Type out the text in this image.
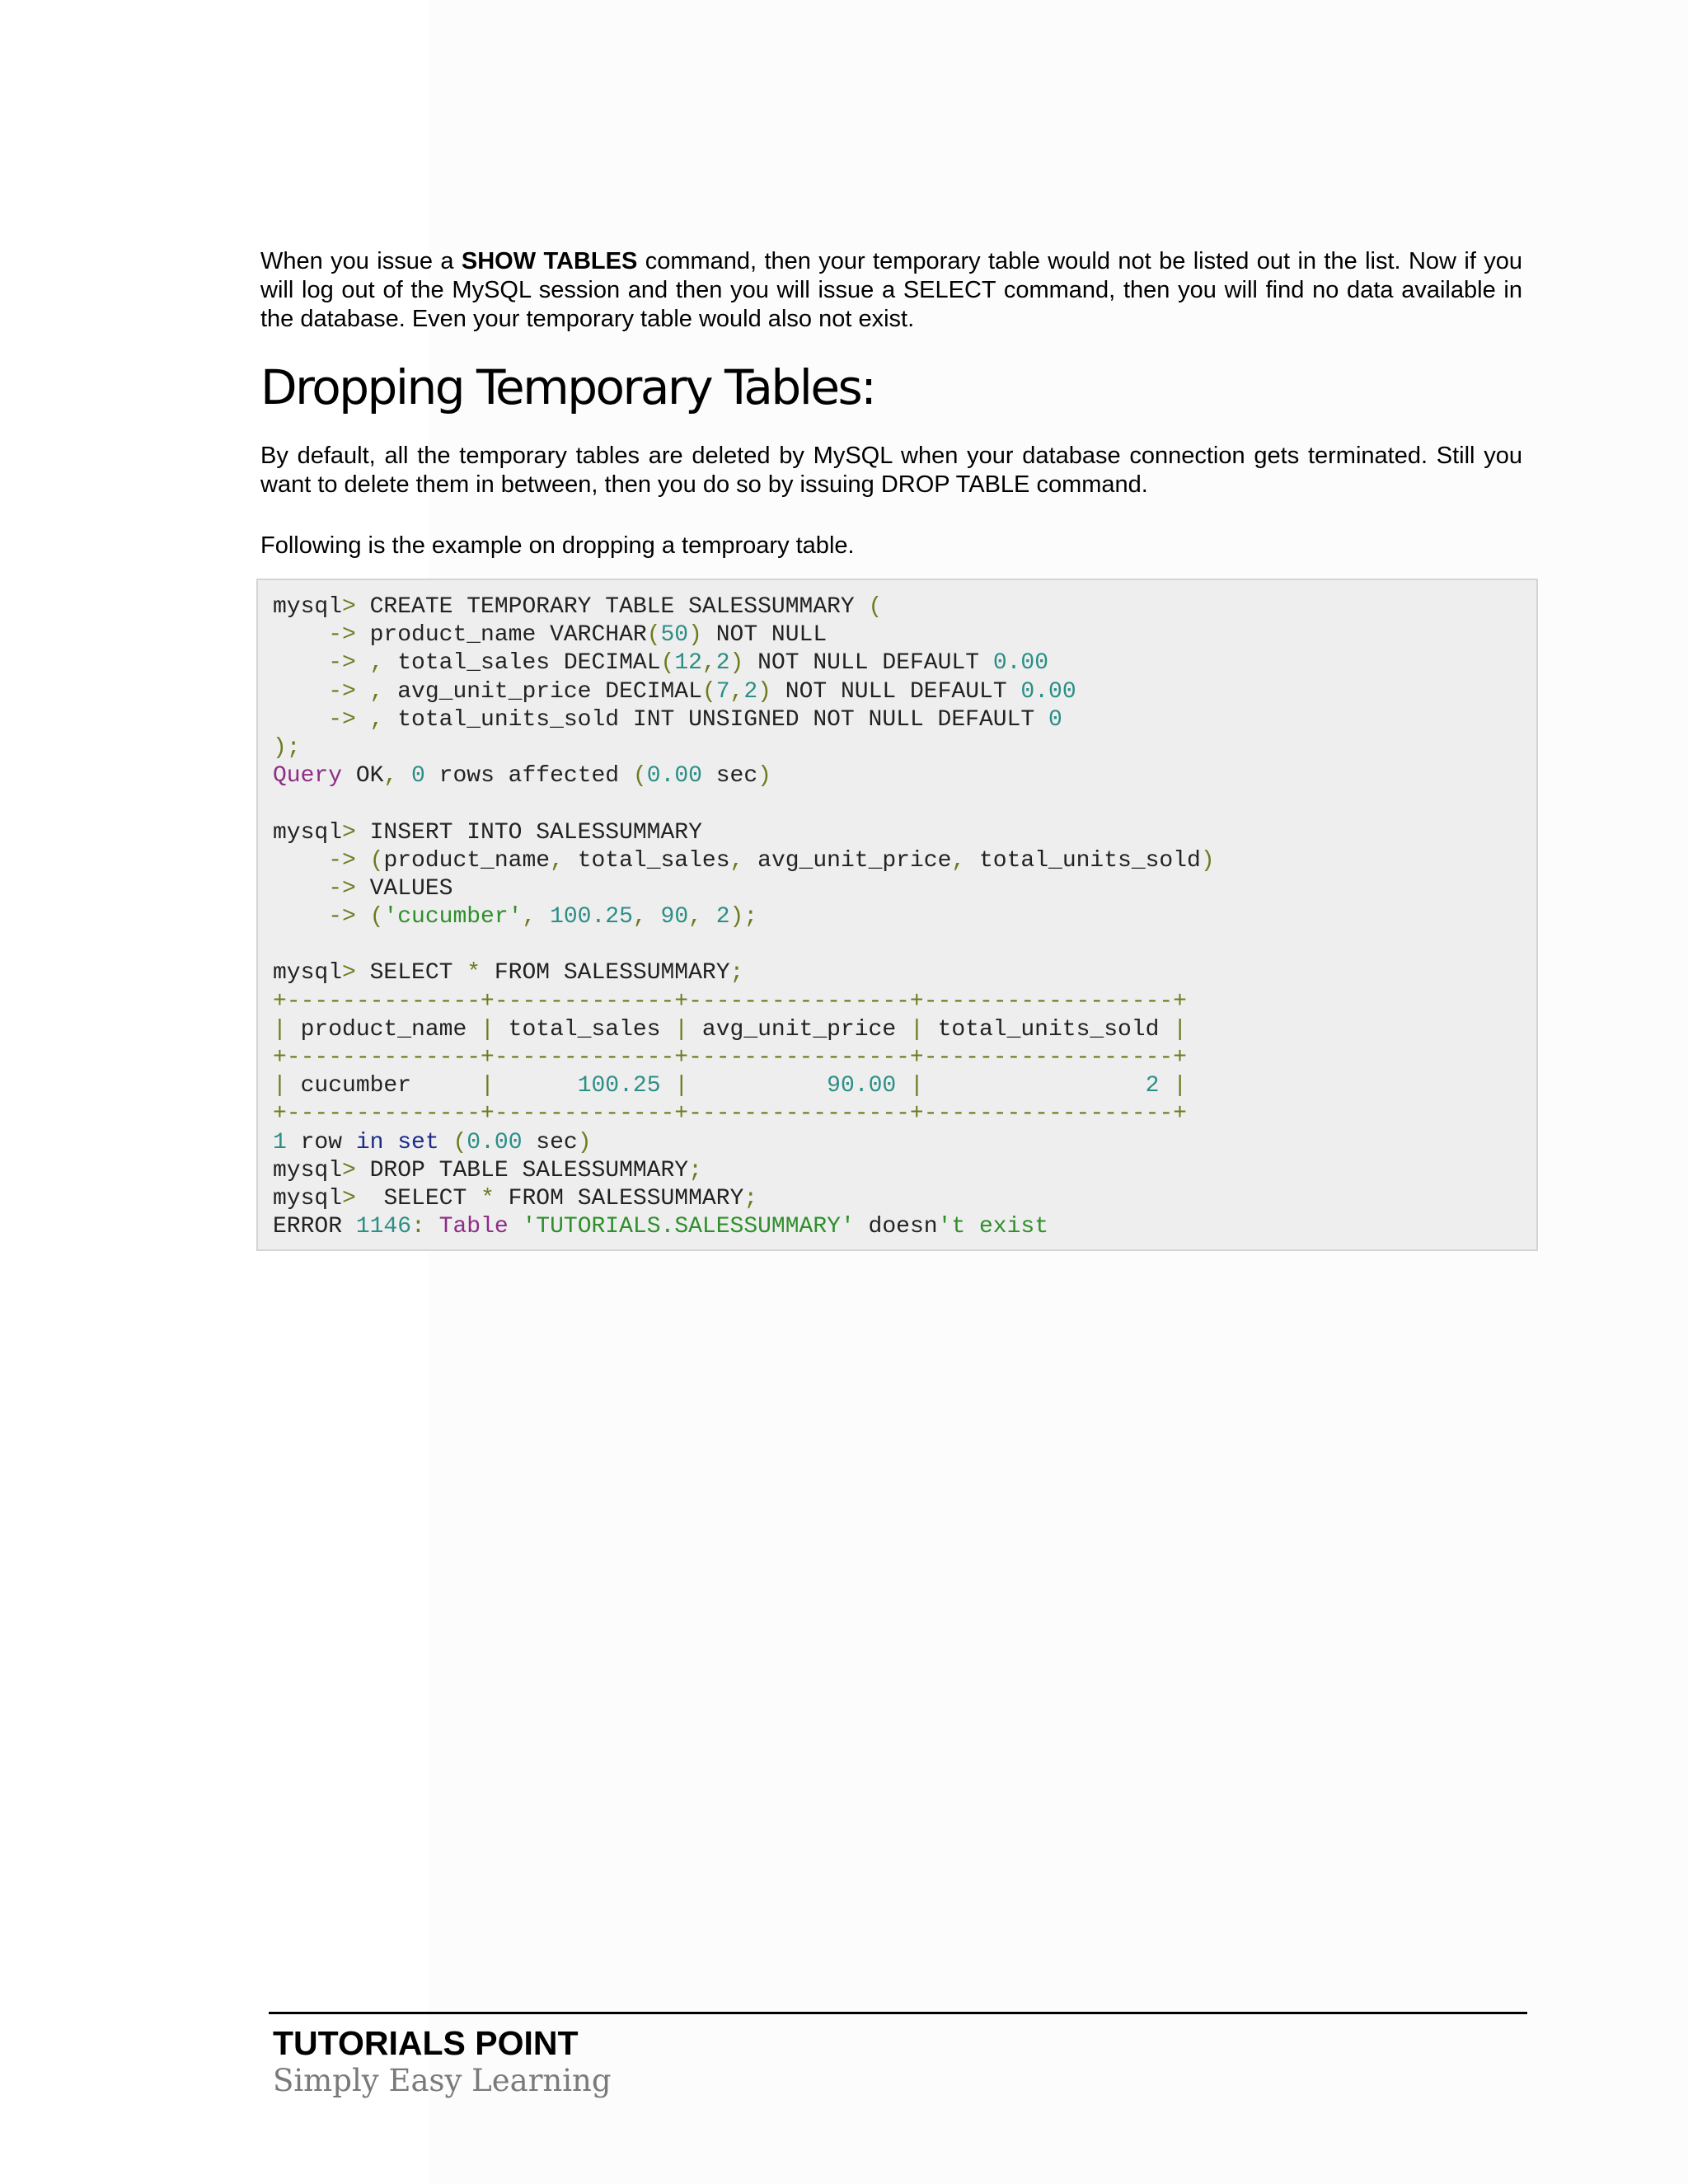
When you issue a SHOW TABLES command, then your temporary table would not be listed out in the list. Now if you will log out of the MySQL session and then you will issue a SELECT command, then you will find no data available in the database. Even your temporary table would also not exist.

Dropping Temporary Tables:

By default, all the temporary tables are deleted by MySQL when your database connection gets terminated. Still you want to delete them in between, then you do so by issuing DROP TABLE command.

Following is the example on dropping a temproary table.

mysql> CREATE TEMPORARY TABLE SALESSUMMARY (
-> product_name VARCHAR(50) NOT NULL
-> , total_sales DECIMAL(12,2) NOT NULL DEFAULT 0.00
-> , avg_unit_price DECIMAL(7,2) NOT NULL DEFAULT 0.00
-> , total_units_sold INT UNSIGNED NOT NULL DEFAULT 0
);
Query OK, 0 rows affected (0.00 sec)
mysql> INSERT INTO SALESSUMMARY
-> (product_name, total_sales, avg_unit_price, total_units_sold)
-> VALUES
-> ('cucumber', 100.25, 90, 2);
mysql> SELECT * FROM SALESSUMMARY;
+--------------+-------------+----------------+------------------+
| product_name | total_sales | avg_unit_price | total_units_sold |
+--------------+-------------+----------------+------------------+
| cucumber     |	100.25 |	90.00 |	2 |
+--------------+-------------+----------------+------------------+
1 row in set (0.00 sec)
mysql> DROP TABLE SALESSUMMARY;
mysql>  SELECT * FROM SALESSUMMARY;
ERROR 1146: Table 'TUTORIALS.SALESSUMMARY' doesn't exist
TUTORIALS POINT
Simply Easy Learning
